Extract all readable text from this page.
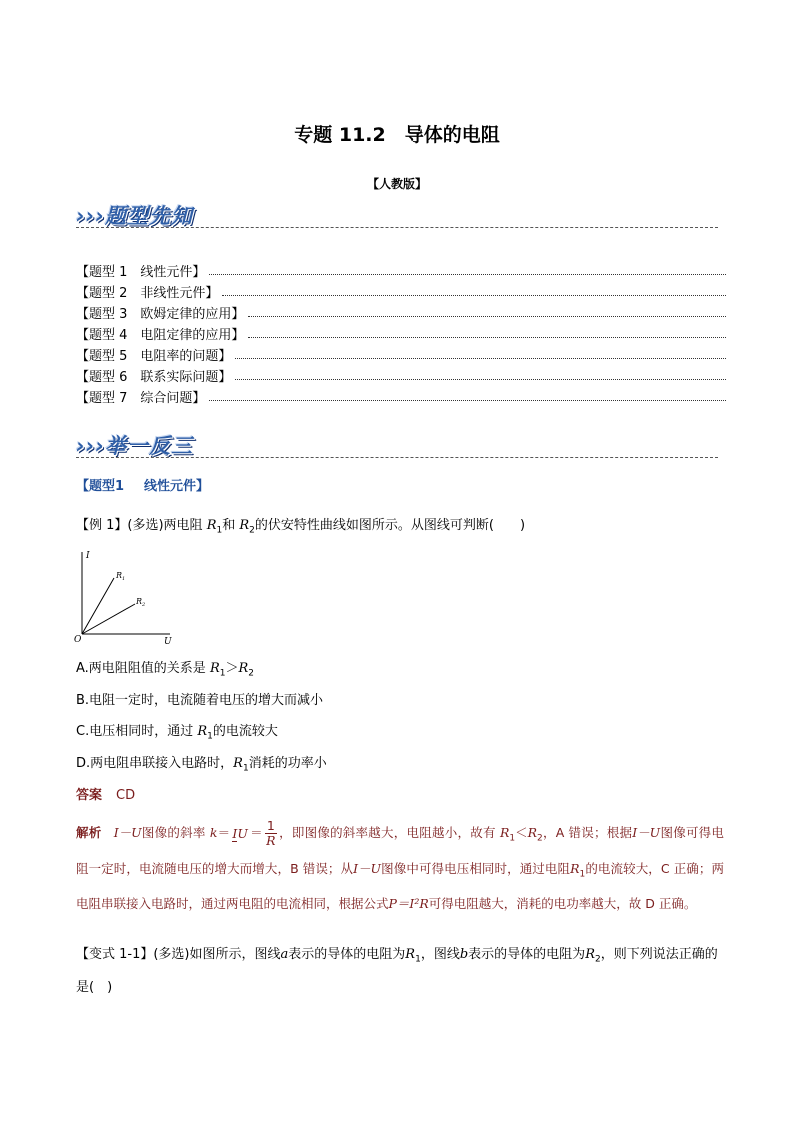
专题 11.2　导体的电阻
【人教版】
›››题型先知
【题型 1　线性元件】
【题型 2　非线性元件】
【题型 3　欧姆定律的应用】
【题型 4　电阻定律的应用】
【题型 5　电阻率的问题】
【题型 6　联系实际问题】
【题型 7　综合问题】
›››举一反三
【题型1 线性元件】
【例 1】(多选)两电阻 $R_1$和 $R_2$的伏安特性曲线如图所示。从图线可判断(　　)
I
U
O
$R_1$
$R_2$
A.两电阻阻值的关系是 $R_1>R_2$
B.电阻一定时，电流随着电压的增大而减小
C.电压相同时，通过 $R_1$的电流较大
D.两电阻串联接入电路时，$R_1$消耗的功率小
答案 CD
解析 I－U图像的斜率 k＝ IU ＝ $\frac{1}{R}$ ，即图像的斜率越大，电阻越小，故有 $R_1<R_2$，A 错误；根据I－U图像可得电阻一定时，电流随电压的增大而增大，B 错误；从I－U图像中可得电压相同时，通过电阻$R_1$的电流较大，C 正确；两电阻串联接入电路时，通过两电阻的电流相同，根据公式P＝I²R可得电阻越大，消耗的电功率越大，故 D 正确。
【变式 1-1】(多选)如图所示，图线a表示的导体的电阻为$R_1$，图线b表示的导体的电阻为$R_2$，则下列说法正确的是(　)
